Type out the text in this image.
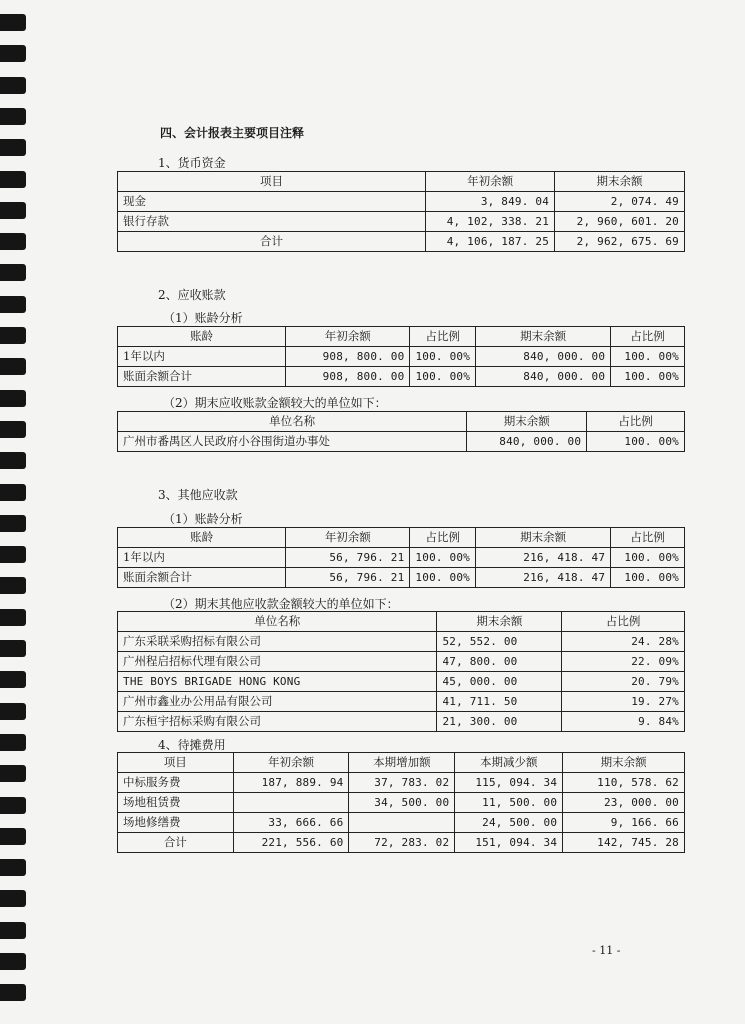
四、会计报表主要项目注释
1、货币资金
项目	年初余额	期末余额
现金	3, 849. 04	2, 074. 49
银行存款	4, 102, 338. 21	2, 960, 601. 20
合计	4, 106, 187. 25	2, 962, 675. 69
2、应收账款
（1）账龄分析
账龄	年初余额	占比例	期末余额	占比例
1年以内	908, 800. 00	100. 00%	840, 000. 00	100. 00%
账面余额合计	908, 800. 00	100. 00%	840, 000. 00	100. 00%
（2）期末应收账款金额较大的单位如下：
单位名称	期末余额	占比例
广州市番禺区人民政府小谷围街道办事处	840, 000. 00	100. 00%
3、其他应收款
（1）账龄分析
账龄	年初余额	占比例	期末余额	占比例
1年以内	56, 796. 21	100. 00%	216, 418. 47	100. 00%
账面余额合计	56, 796. 21	100. 00%	216, 418. 47	100. 00%
（2）期末其他应收款金额较大的单位如下：
单位名称	期末余额	占比例
广东采联采购招标有限公司	52, 552. 00	24. 28%
广州程启招标代理有限公司	47, 800. 00	22. 09%
THE BOYS BRIGADE HONG KONG	45, 000. 00	20. 79%
广州市鑫业办公用品有限公司	41, 711. 50	19. 27%
广东桓宇招标采购有限公司	21, 300. 00	9. 84%
4、待摊费用
项目	年初余额	本期增加额	本期减少额	期末余额
中标服务费	187, 889. 94	37, 783. 02	115, 094. 34	110, 578. 62
场地租赁费		34, 500. 00	11, 500. 00	23, 000. 00
场地修缮费	33, 666. 66		24, 500. 00	9, 166. 66
合计	221, 556. 60	72, 283. 02	151, 094. 34	142, 745. 28
- 11 -
